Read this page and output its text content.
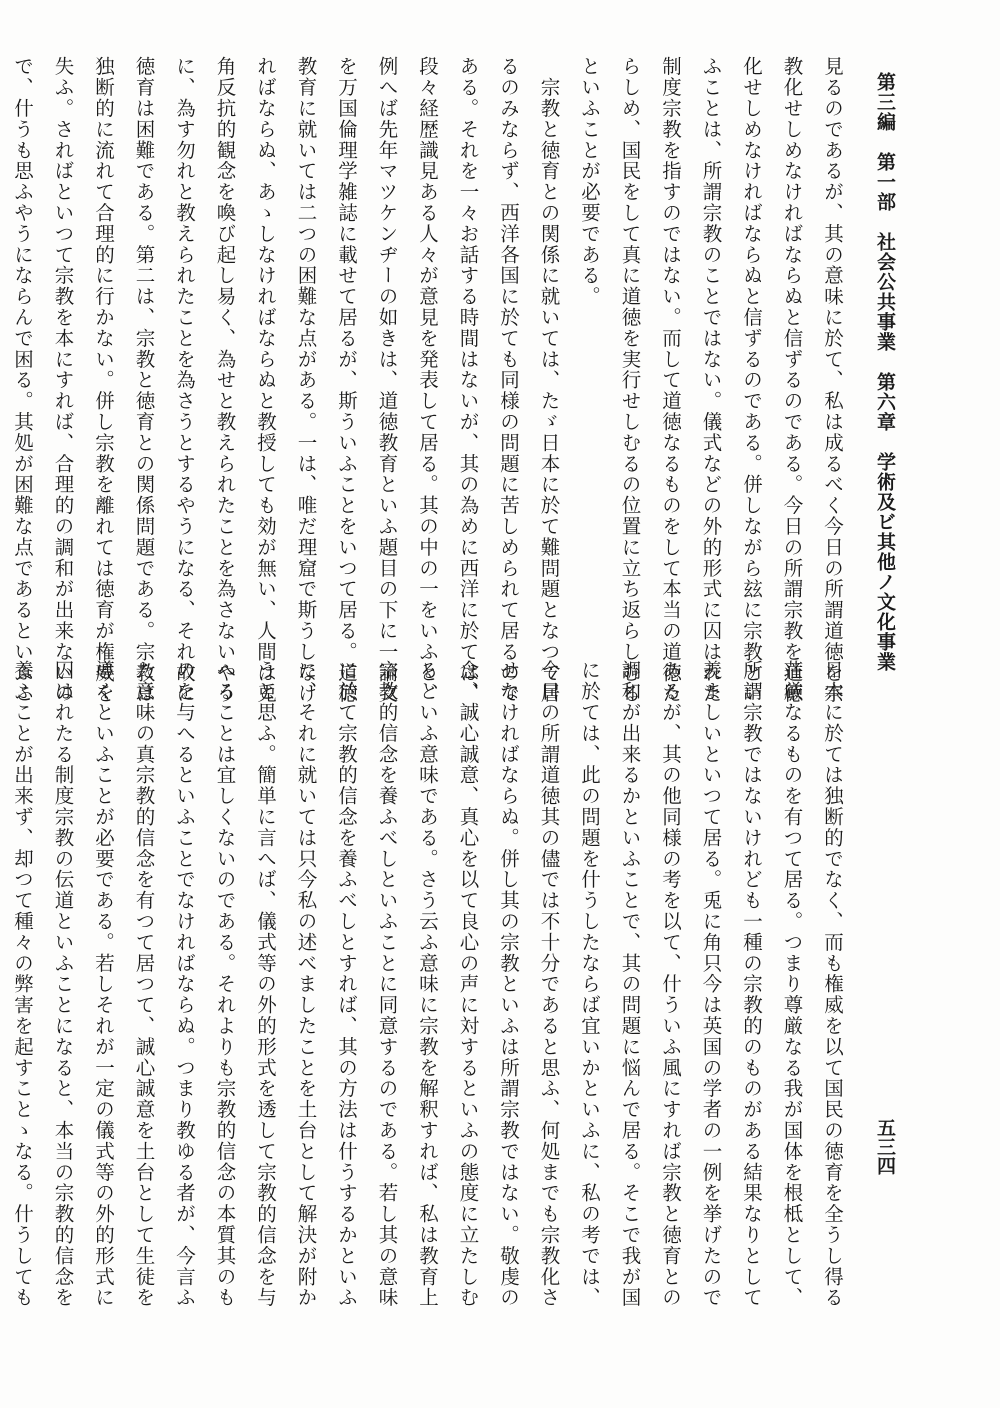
第三編　第一部　社会公共事業　第六章　学術及ビ其他ノ文化事業
五三四
見るのであるが、其の意味に於て、私は成るべく今日の所謂道徳を宗
教化せしめなければならぬと信ずるのである。今日の所謂宗教を道徳
化せしめなければならぬと信ずるのである。併しながら玆に宗教とい
ふことは、所謂宗教のことではない。儀式などの外的形式に囚はれた
制度宗教を指すのではない。而して道徳なるものをして本当の道徳た
らしめ、国民をして真に道徳を実行せしむるの位置に立ち返らしむる
といふことが必要である。
　宗教と徳育との関係に就いては、たゞ日本に於て難問題となつて居
るのみならず、西洋各国に於ても同様の問題に苦しめられて居るので
ある。それを一々お話する時間はないが、其の為めに西洋に於ては、
段々経歴識見ある人々が意見を発表して居る。其の中の一をいふと、
例へば先年マツケンヂーの如きは、道徳教育といふ題目の下に一論文
を万国倫理学雑誌に載せて居るが、斯ういふことをいつて居る。道徳
教育に就いては二つの困難な点がある。一は、唯だ理窟で斯うしなけ
ればならぬ、あゝしなければならぬと教授しても効が無い、人間は兎
角反抗的観念を喚び起し易く、為せと教えられたことを為さないやう
に、為す勿れと教えられたことを為さうとするやうになる、それ故に
徳育は困難である。第二は、宗教と徳育との関係問題である。宗教は
独断的に流れて合理的に行かない。併し宗教を離れては徳育が権威を
失ふ。さればといつて宗教を本にすれば、合理的の調和が出来ないの
で、什うも思ふやうにならんで困る。其処が困難な点であるといふこ
日本に於ては独断的でなく、而も権威を以て国民の徳育を全うし得る
荘厳なるものを有つて居る。つまり尊厳なる我が国体を根柢として、
所謂宗教ではないけれども一種の宗教的のものがある結果なりとして
羨ましいといつて居る。兎に角只今は英国の学者の一例を挙げたので
あるが、其の他同様の考を以て、什ういふ風にすれば宗教と徳育との
調和が出来るかといふことで、其の問題に悩んで居る。そこで我が国
に於ては、此の問題を什うしたならば宜いかといふに、私の考では、
今日の所謂道徳其の儘では不十分であると思ふ、何処までも宗教化さ
せなければならぬ。併し其の宗教といふは所謂宗教ではない。敬虔の
念、誠心誠意、真心を以て良心の声に対するといふの態度に立たしむ
るといふ意味である。さう云ふ意味に宗教を解釈すれば、私は教育上
宗教的信念を養ふべしといふことに同意するのである。若し其の意味
に於て宗教的信念を養ふべしとすれば、其の方法は什うするかといふ
に、それに就いては只今私の述べましたことを土台として解決が附か
うと思ふ。簡単に言へば、儀式等の外的形式を透して宗教的信念を与
へることは宜しくないのである。それよりも宗教的信念の本質其のも
のを与へるといふことでなければならぬ。つまり教ゆる者が、今言ふ
た意味の真宗教的信念を有つて居つて、誠心誠意を土台として生徒を
導くといふことが必要である。若しそれが一定の儀式等の外的形式に
囚はれたる制度宗教の伝道といふことになると、本当の宗教的信念を
養ふことが出来ず、却つて種々の弊害を起すことゝなる。什うしても
